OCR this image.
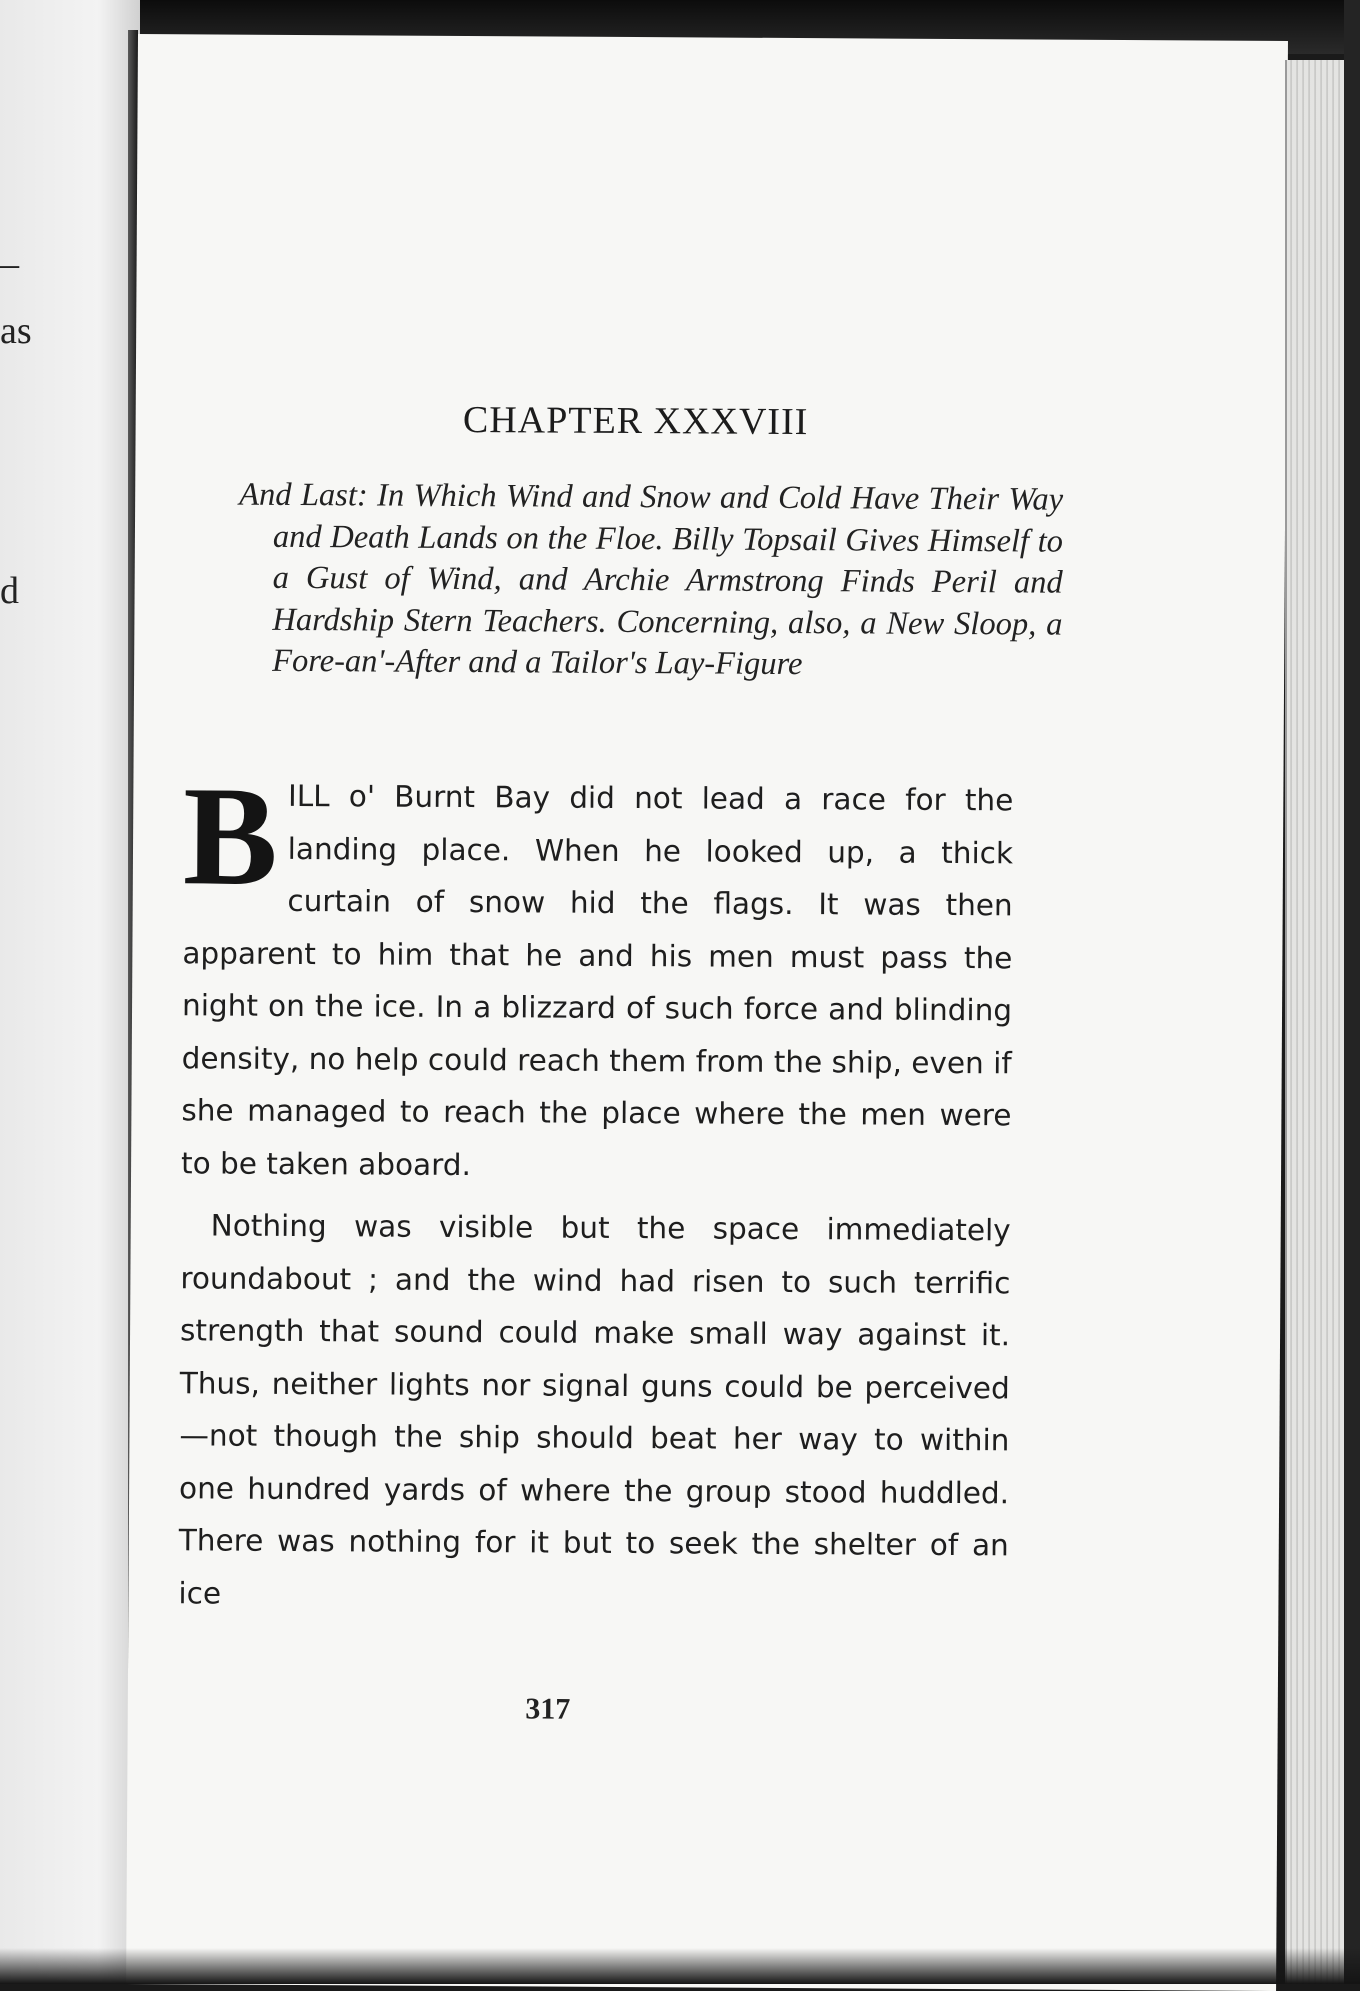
_
as
d
CHAPTER XXXVIII
And Last: In Which Wind and Snow and Cold Have Their Way and Death Lands on the Floe. Billy Topsail Gives Himself to a Gust of Wind, and Archie Armstrong Finds Peril and Hardship Stern Teachers. Concerning, also, a New Sloop, a Fore-an'-After and a Tailor's Lay-Figure

BILL o' Burnt Bay did not lead a race for the landing place. When he looked up, a thick curtain of snow hid the flags. It was then apparent to him that he and his men must pass the night on the ice. In a blizzard of such force and blinding density, no help could reach them from the ship, even if she managed to reach the place where the men were to be taken aboard.

Nothing was visible but the space immediately roundabout ; and the wind had risen to such terrific strength that sound could make small way against it. Thus, neither lights nor signal guns could be perceived—not though the ship should beat her way to within one hundred yards of where the group stood huddled. There was nothing for it but to seek the shelter of an ice

317
